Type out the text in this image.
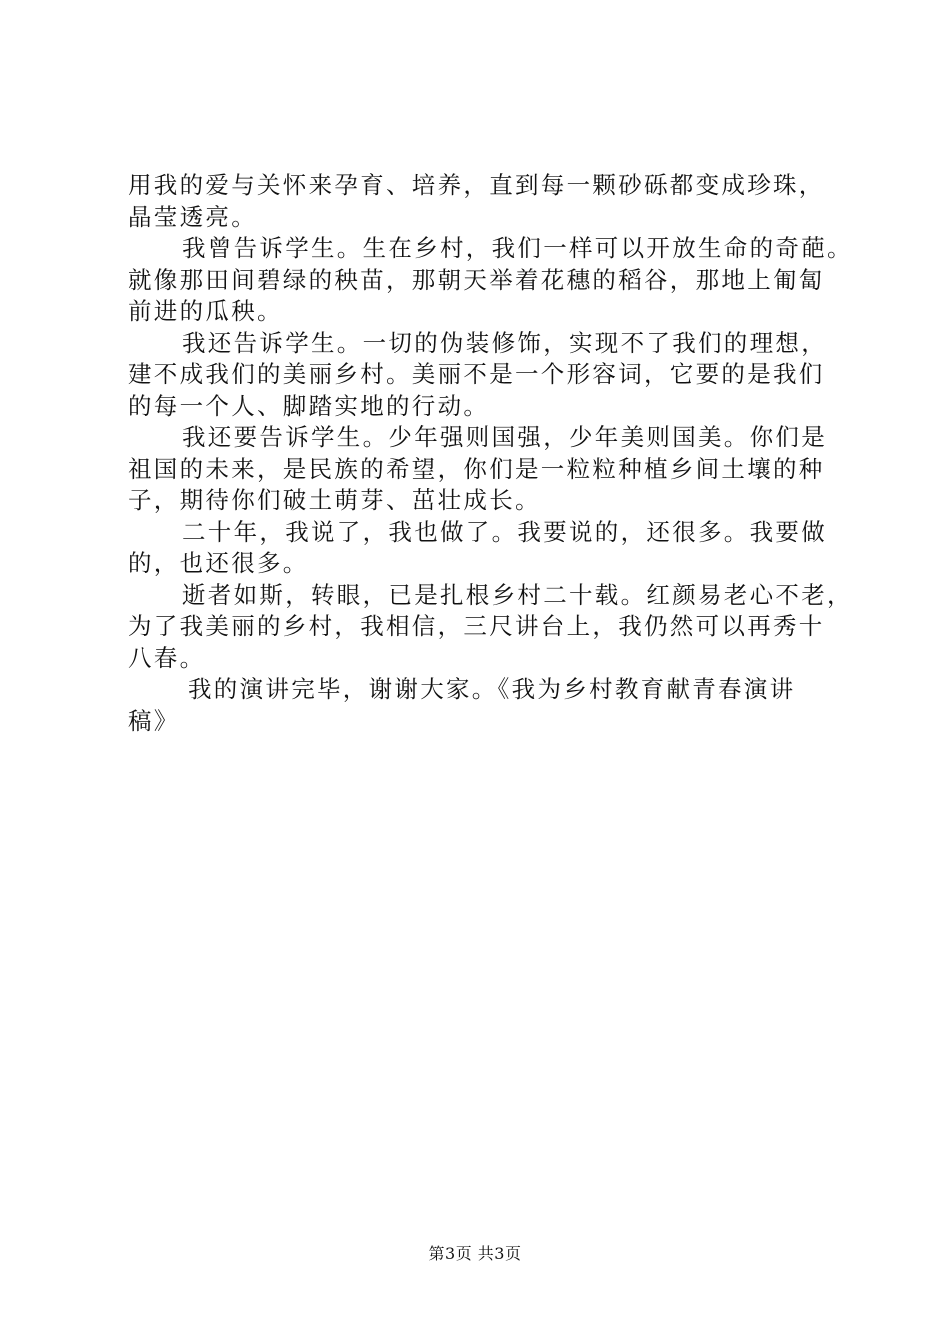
用我的爱与关怀来孕育、培养，直到每一颗砂砾都变成珍珠，
晶莹透亮。
我曾告诉学生。生在乡村，我们一样可以开放生命的奇葩。
就像那田间碧绿的秧苗，那朝天举着花穗的稻谷，那地上匍匐
前进的瓜秧。
我还告诉学生。一切的伪装修饰，实现不了我们的理想，
建不成我们的美丽乡村。美丽不是一个形容词，它要的是我们
的每一个人、脚踏实地的行动。
我还要告诉学生。少年强则国强，少年美则国美。你们是
祖国的未来，是民族的希望，你们是一粒粒种植乡间土壤的种
子，期待你们破土萌芽、茁壮成长。
二十年，我说了，我也做了。我要说的，还很多。我要做
的，也还很多。
逝者如斯，转眼，已是扎根乡村二十载。红颜易老心不老，
为了我美丽的乡村，我相信，三尺讲台上，我仍然可以再秀十
八春。
我的演讲完毕，谢谢大家。《我为乡村教育献青春演讲
稿》
第3页 共3页
